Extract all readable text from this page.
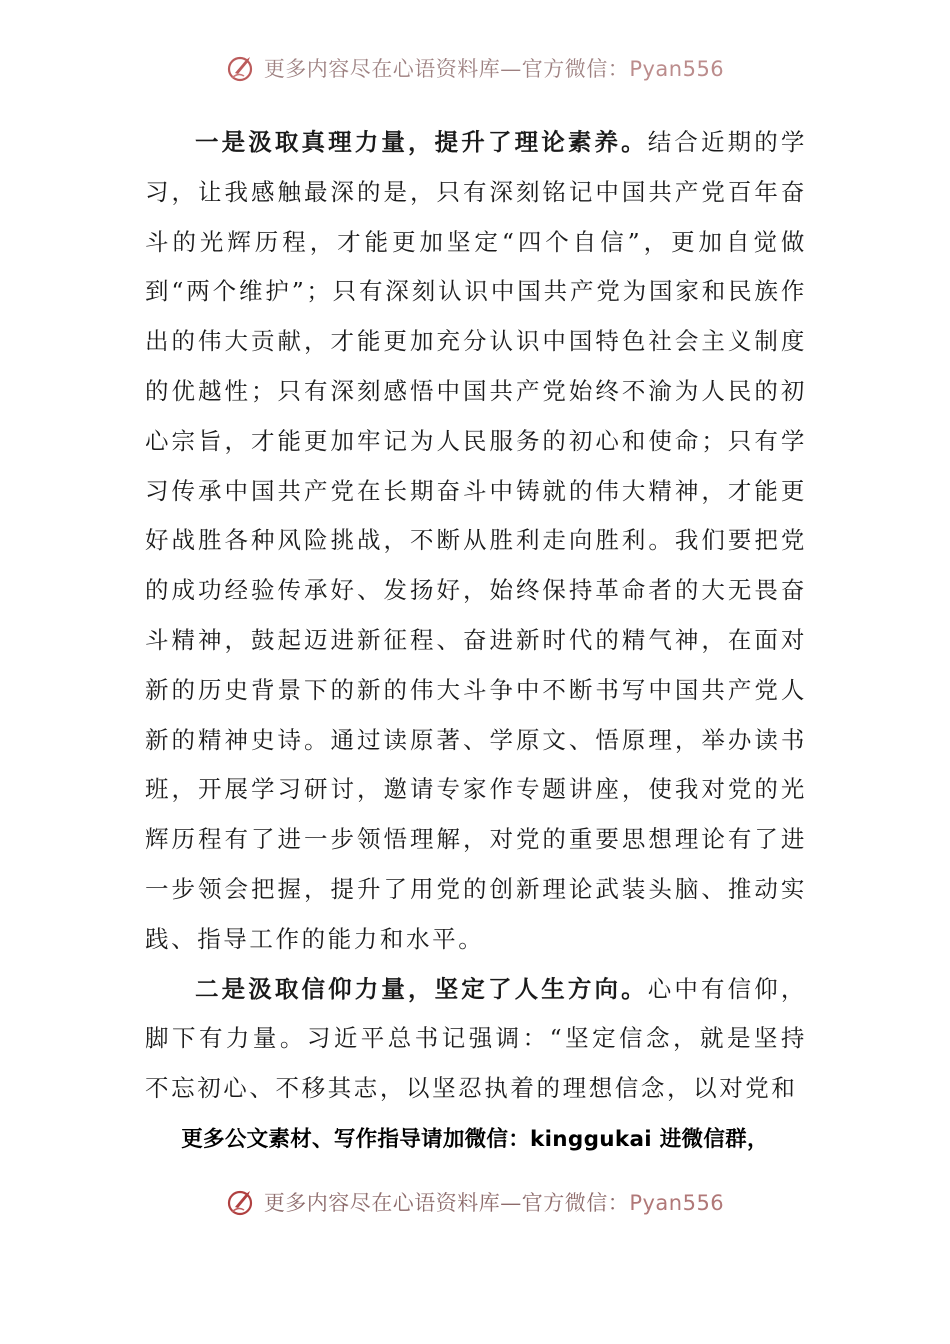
更多内容尽在心语资料库—官方微信：Pyan556

一是汲取真理力量，提升了理论素养。结合近期的学习，让我感触最深的是，只有深刻铭记中国共产党百年奋斗的光辉历程，才能更加坚定“四个自信”，更加自觉做到“两个维护”；只有深刻认识中国共产党为国家和民族作出的伟大贡献，才能更加充分认识中国特色社会主义制度的优越性；只有深刻感悟中国共产党始终不渝为人民的初心宗旨，才能更加牢记为人民服务的初心和使命；只有学习传承中国共产党在长期奋斗中铸就的伟大精神，才能更好战胜各种风险挑战，不断从胜利走向胜利。我们要把党的成功经验传承好、发扬好，始终保持革命者的大无畏奋斗精神，鼓起迈进新征程、奋进新时代的精气神，在面对新的历史背景下的新的伟大斗争中不断书写中国共产党人新的精神史诗。通过读原著、学原文、悟原理，举办读书班，开展学习研讨，邀请专家作专题讲座，使我对党的光辉历程有了进一步领悟理解，对党的重要思想理论有了进一步领会把握，提升了用党的创新理论武装头脑、推动实践、指导工作的能力和水平。

二是汲取信仰力量，坚定了人生方向。心中有信仰，脚下有力量。习近平总书记强调：“坚定信念，就是坚持不忘初心、不移其志，以坚忍执着的理想信念，以对党和

更多公文素材、写作指导请加微信：kinggukai 进微信群，
更多内容尽在心语资料库—官方微信：Pyan556
